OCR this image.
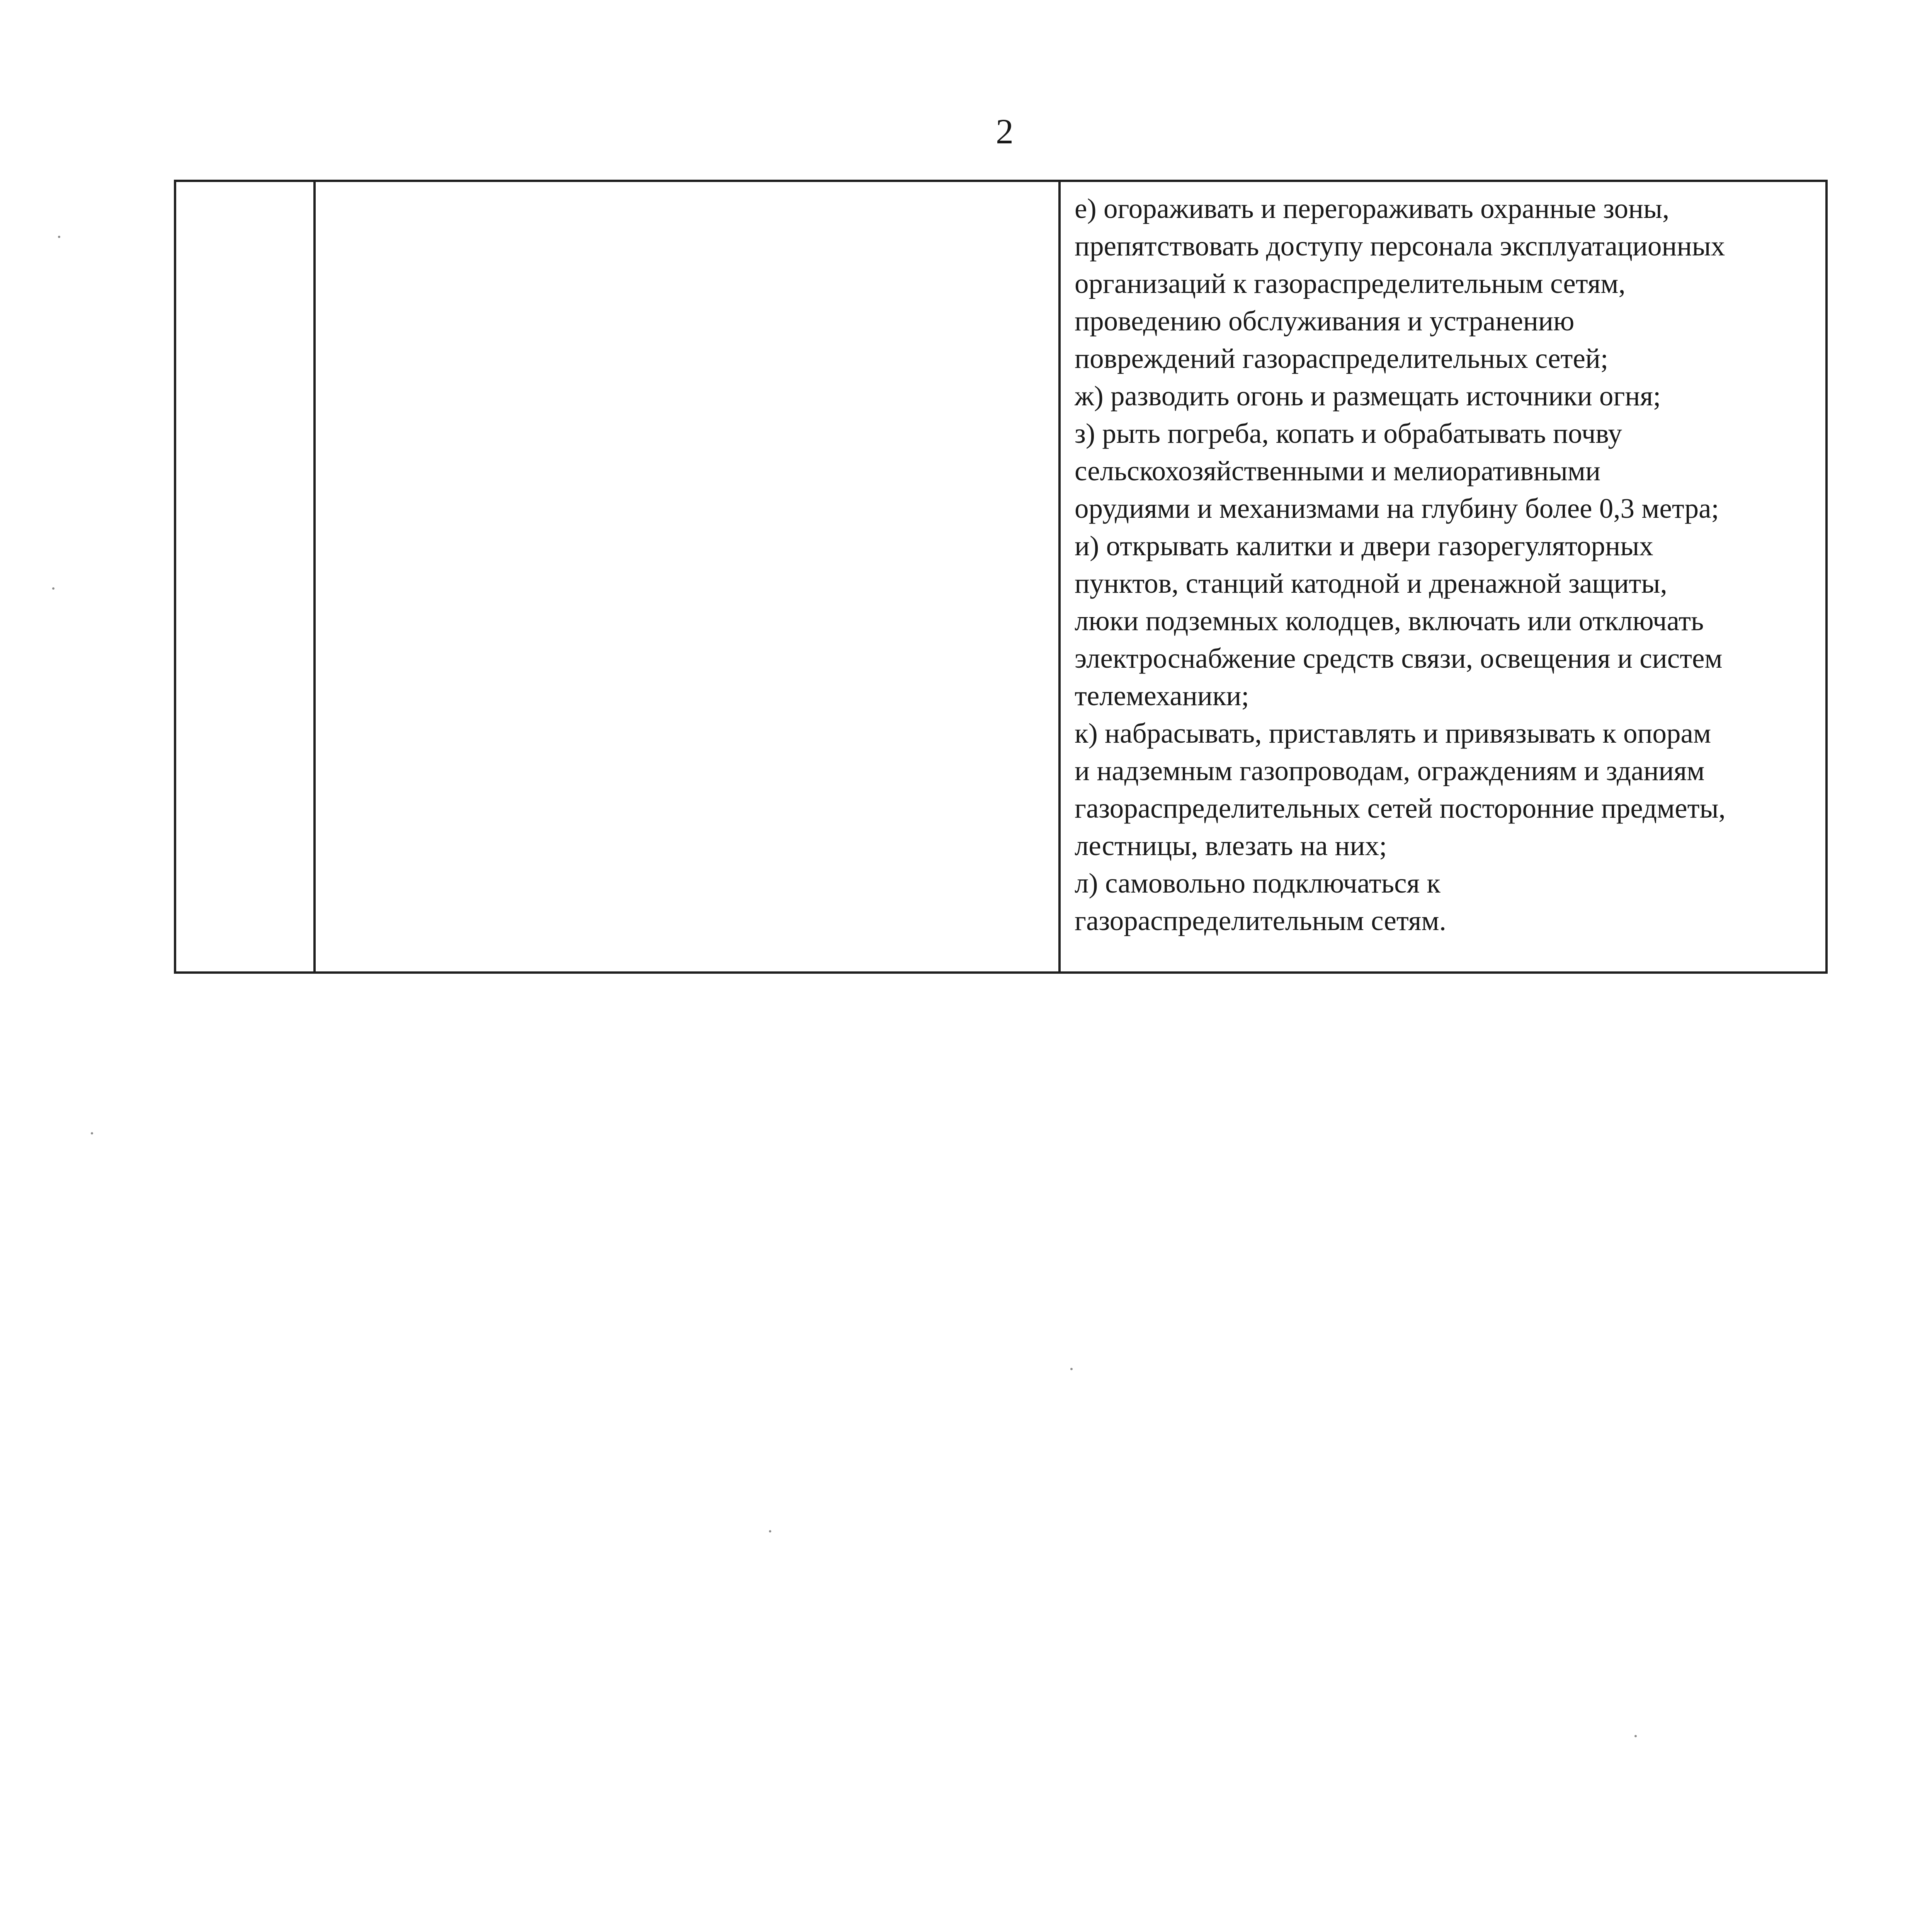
2

е) огораживать и перегораживать охранные зоны,
препятствовать доступу персонала эксплуатационных
организаций к газораспределительным сетям,
проведению обслуживания и устранению
повреждений газораспределительных сетей;
ж) разводить огонь и размещать источники огня;
з) рыть погреба, копать и обрабатывать почву
сельскохозяйственными и мелиоративными
орудиями и механизмами на глубину более 0,3 метра;
и) открывать калитки и двери газорегуляторных
пунктов, станций катодной и дренажной защиты,
люки подземных колодцев, включать или отключать
электроснабжение средств связи, освещения и систем
телемеханики;
к) набрасывать, приставлять и привязывать к опорам
и надземным газопроводам, ограждениям и зданиям
газораспределительных сетей посторонние предметы,
лестницы, влезать на них;
л) самовольно подключаться к
газораспределительным сетям.
